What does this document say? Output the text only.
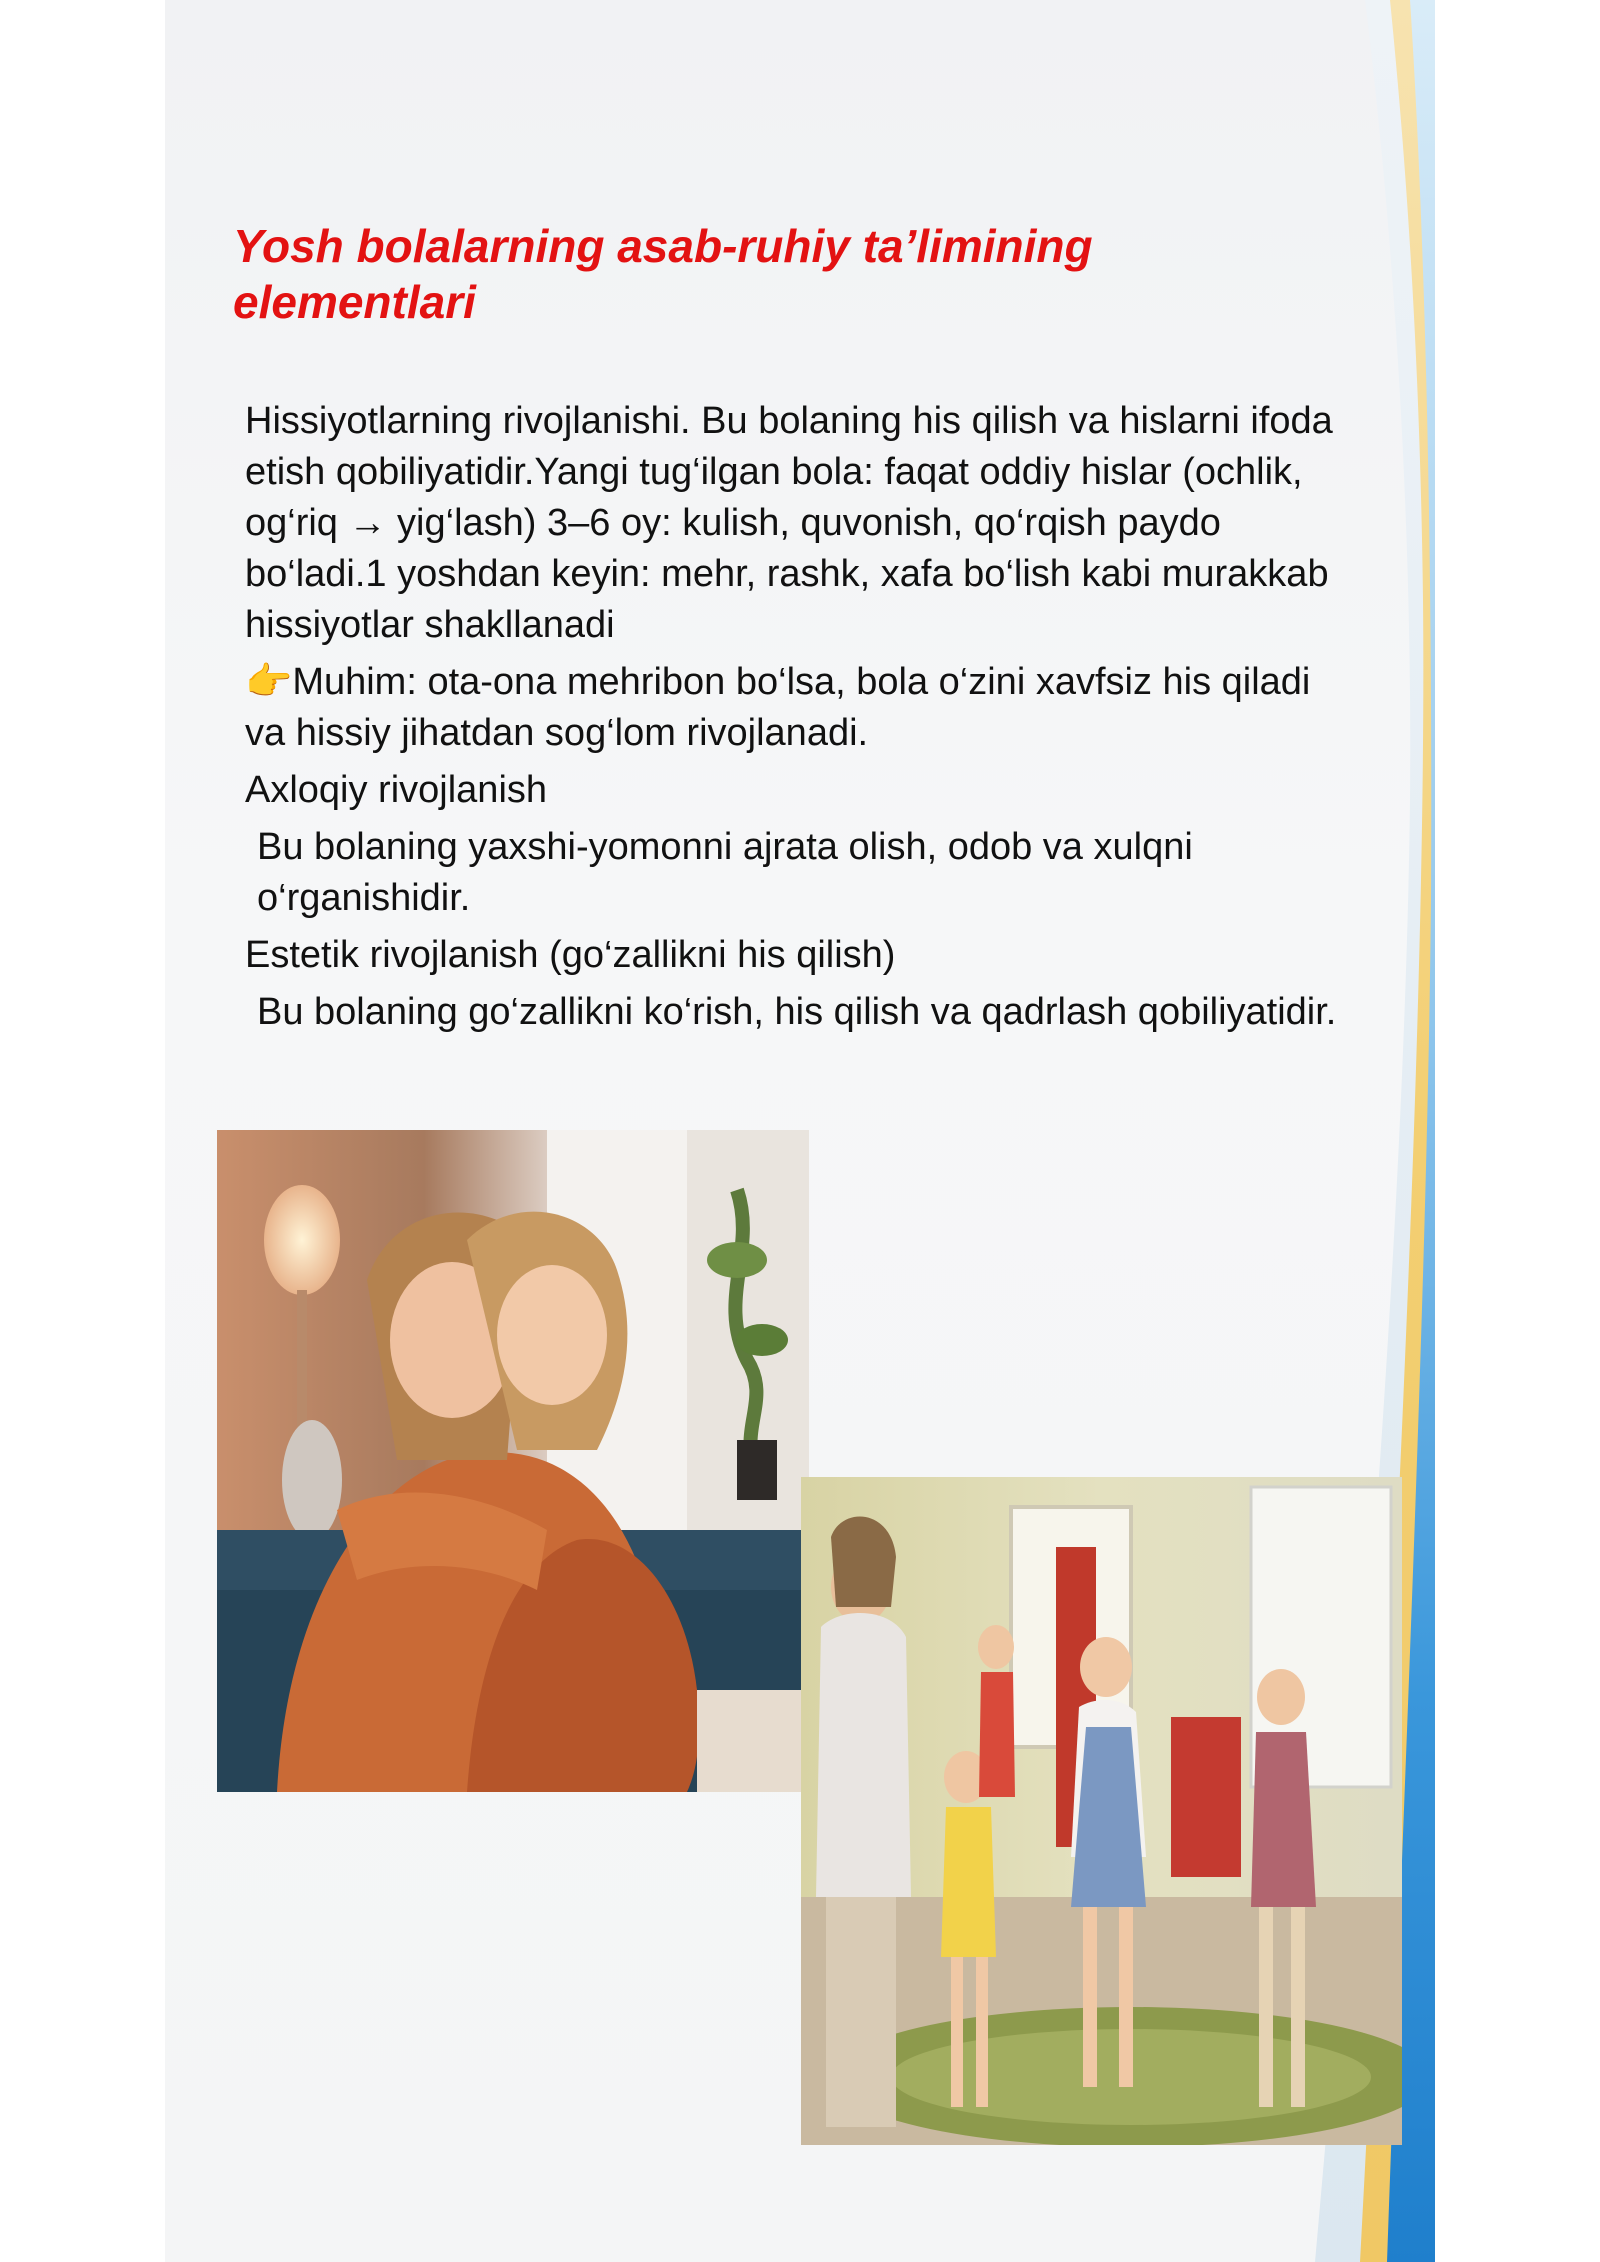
Yosh bolalarning asab-ruhiy ta’limining elementlari

Hissiyotlarning rivojlanishi. Bu bolaning his qilish va hislarni ifoda etish qobiliyatidir.Yangi tug‘ilgan bola: faqat oddiy hislar (ochlik, og‘riq → yig‘lash) 3–6 oy: kulish, quvonish, qo‘rqish paydo bo‘ladi.1 yoshdan keyin: mehr, rashk, xafa bo‘lish kabi murakkab hissiyotlar shakllanadi

👉Muhim: ota-ona mehribon bo‘lsa, bola o‘zini xavfsiz his qiladi va hissiy jihatdan sog‘lom rivojlanadi.

Axloqiy rivojlanish

Bu bolaning yaxshi-yomonni ajrata olish, odob va xulqni o‘rganishidir.

Estetik rivojlanish (go‘zallikni his qilish)

Bu bolaning go‘zallikni ko‘rish, his qilish va qadrlash qobiliyatidir.
